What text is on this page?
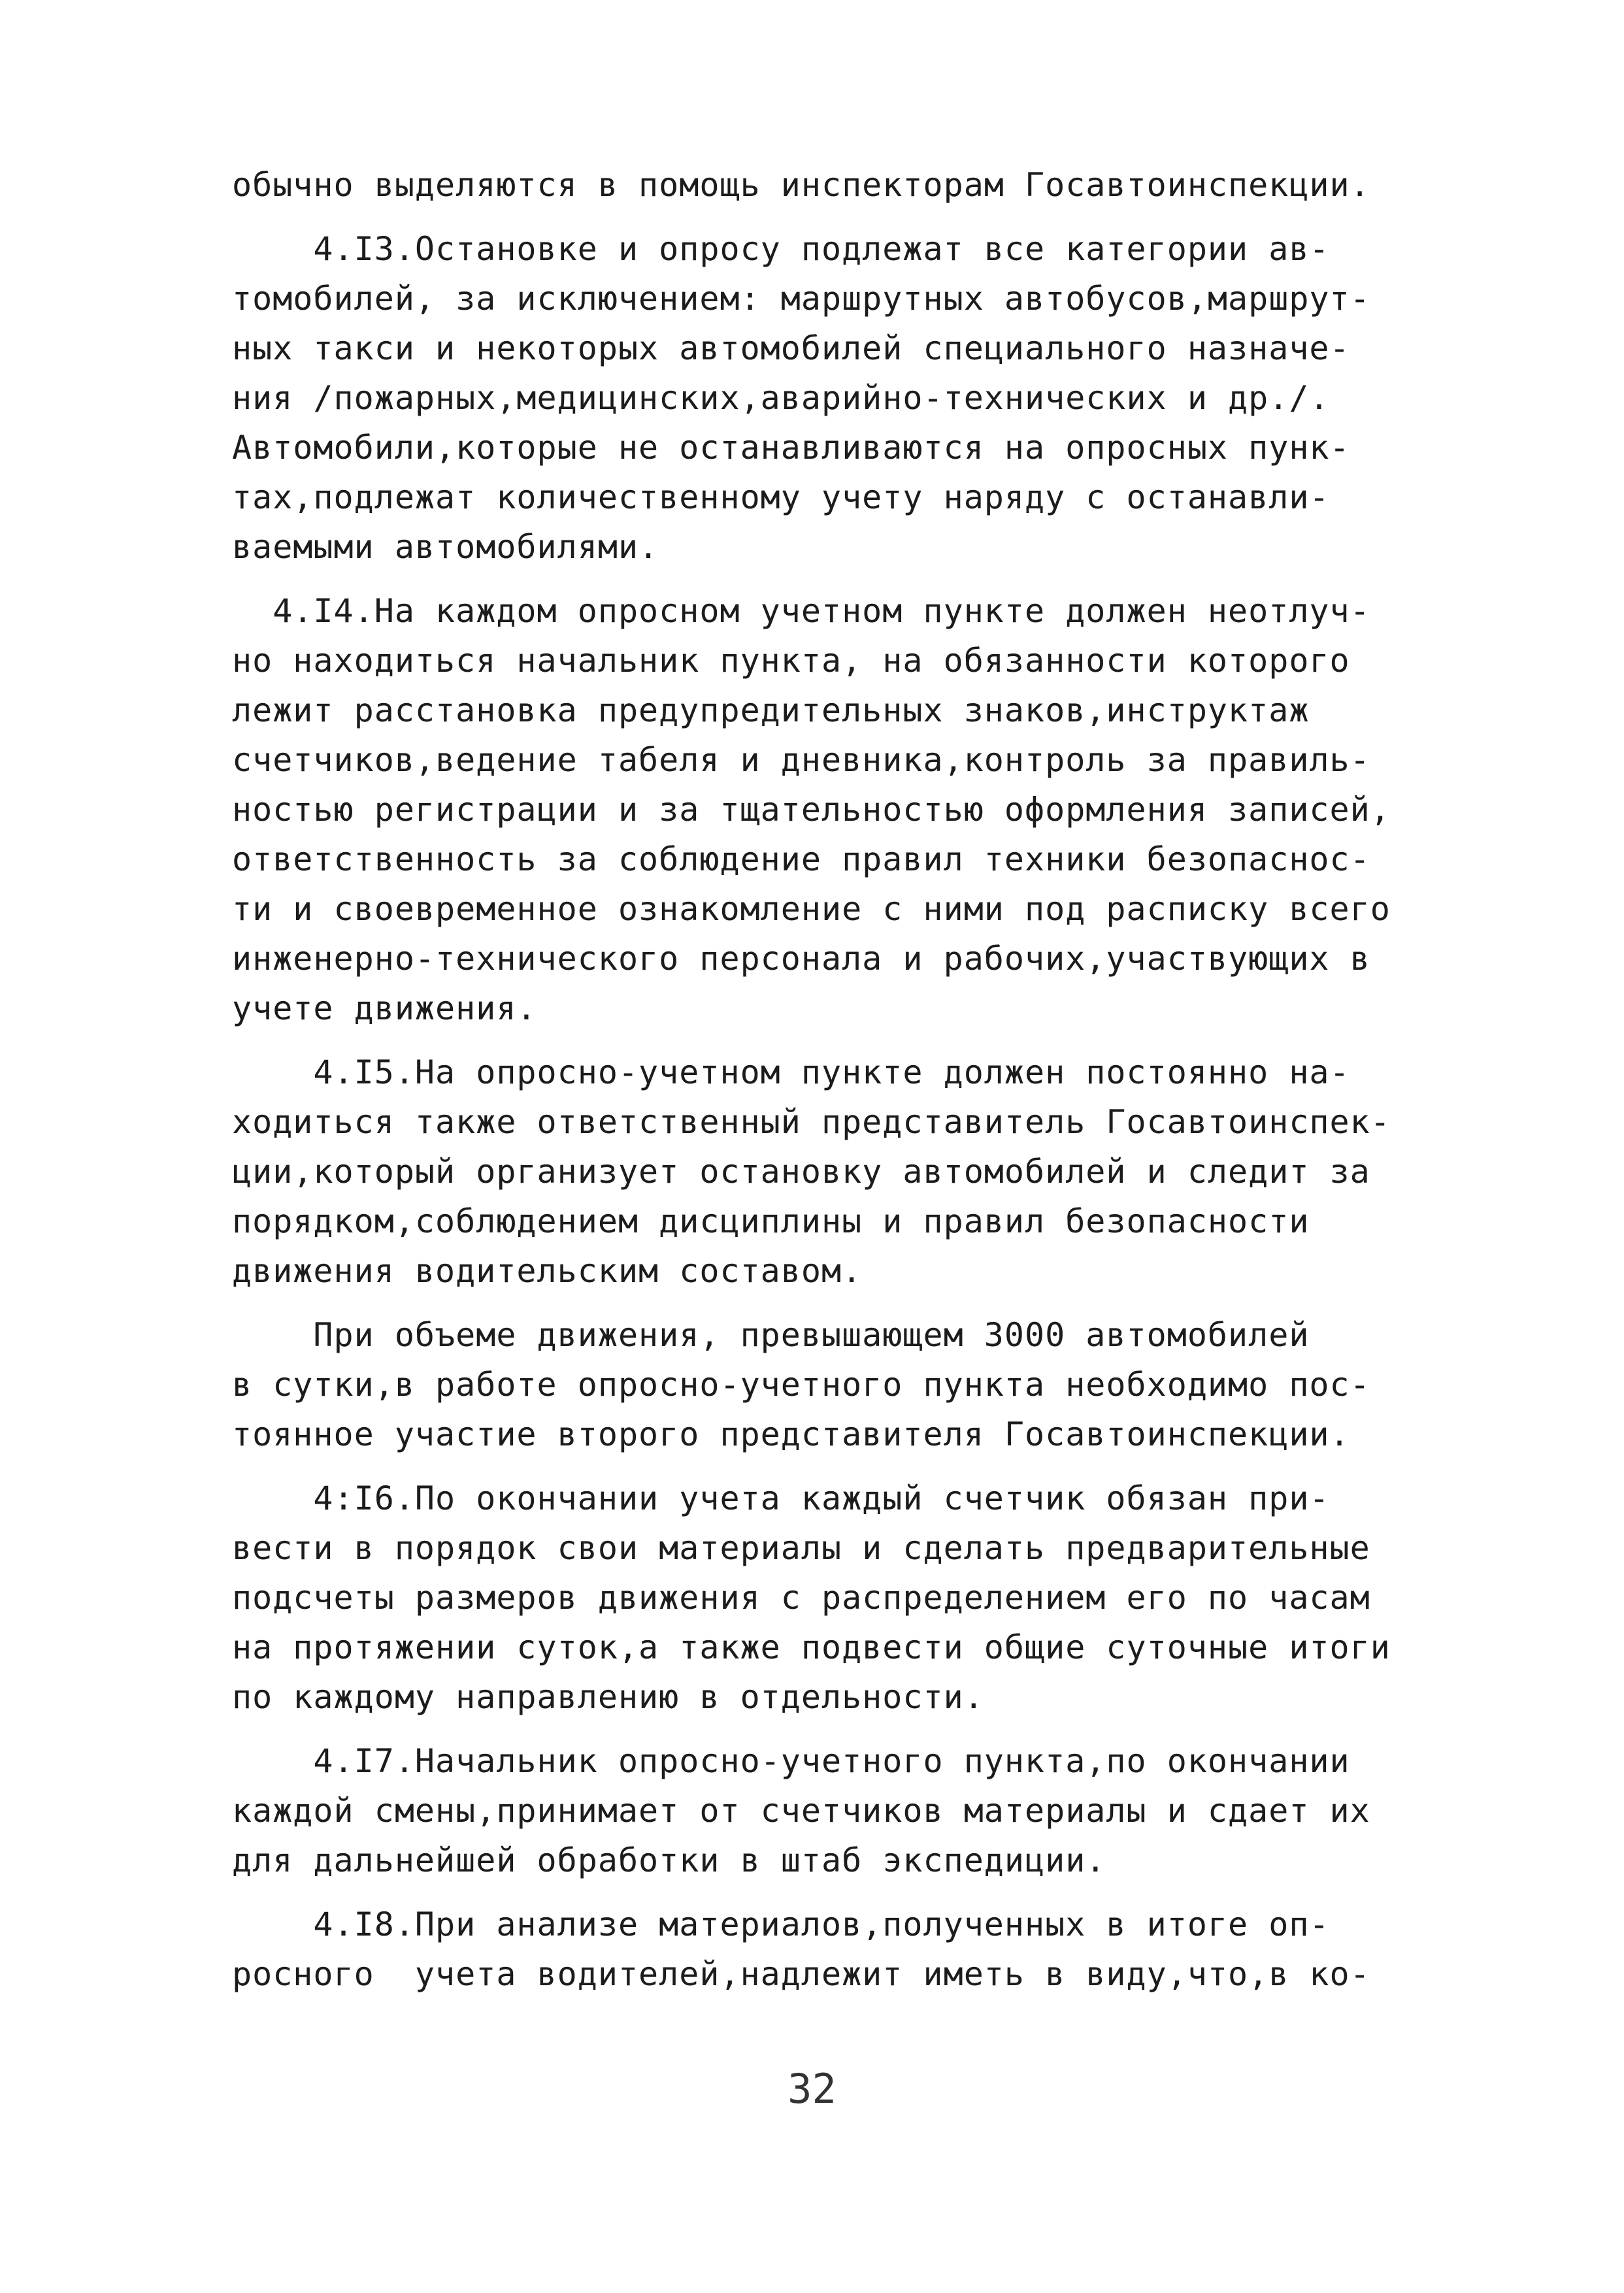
обычно выделяются в помощь инспекторам Госавтоинспекции.
4.I3.Остановке и опросу подлежат все категории ав-
томобилей, за исключением: маршрутных автобусов,маршрут-
ных такси и некоторых автомобилей специального назначе-
ния /пожарных,медицинских,аварийно-технических и др./.
Автомобили,которые не останавливаются на опросных пунк-
тах,подлежат количественному учету наряду с останавли-
ваемыми автомобилями.
4.I4.На каждом опросном учетном пункте должен неотлуч-
но находиться начальник пункта, на обязанности которого
лежит расстановка предупредительных знаков,инструктаж
счетчиков,ведение табеля и дневника,контроль за правиль-
ностью регистрации и за тщательностью оформления записей,
ответственность за соблюдение правил техники безопаснос-
ти и своевременное ознакомление с ними под расписку всего
инженерно-технического персонала и рабочих,участвующих в
учете движения.
4.I5.На опросно-учетном пункте должен постоянно на-
ходиться также ответственный представитель Госавтоинспек-
ции,который организует остановку автомобилей и следит за
порядком,соблюдением дисциплины и правил безопасности
движения водительским составом.
При объеме движения, превышающем 3000 автомобилей
в сутки,в работе опросно-учетного пункта необходимо пос-
тоянное участие второго представителя Госавтоинспекции.
4:I6.По окончании учета каждый счетчик обязан при-
вести в порядок свои материалы и сделать предварительные
подсчеты размеров движения с распределением его по часам
на протяжении суток,а также подвести общие суточные итоги
по каждому направлению в отдельности.
4.I7.Начальник опросно-учетного пункта,по окончании
каждой смены,принимает от счетчиков материалы и сдает их
для дальнейшей обработки в штаб экспедиции.
4.I8.При анализе материалов,полученных в итоге оп-
росного  учета водителей,надлежит иметь в виду,что,в ко-
32
